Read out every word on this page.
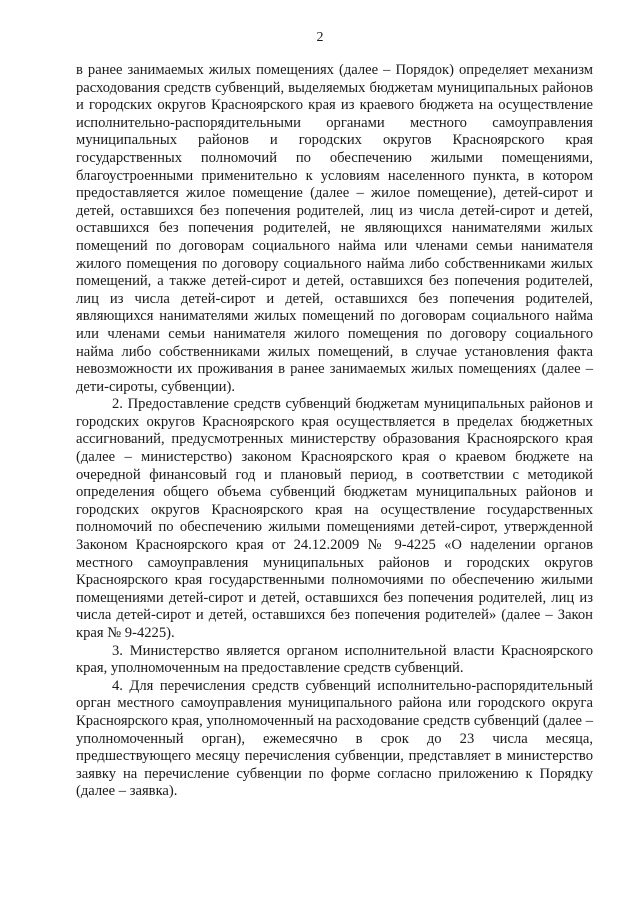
2

в ранее занимаемых жилых помещениях (далее – Порядок) определяет механизм расходования средств субвенций, выделяемых бюджетам муниципальных районов и городских округов Красноярского края из краевого бюджета на осуществление исполнительно-распорядительными органами местного самоуправления муниципальных районов и городских округов Красноярского края государственных полномочий по обеспечению жилыми помещениями, благоустроенными применительно к условиям населенного пункта, в котором предоставляется жилое помещение (далее – жилое помещение), детей-сирот и детей, оставшихся без попечения родителей, лиц из числа детей-сирот и детей, оставшихся без попечения родителей, не являющихся нанимателями жилых помещений по договорам социального найма или членами семьи нанимателя жилого помещения по договору социального найма либо собственниками жилых помещений, а также детей-сирот и детей, оставшихся без попечения родителей, лиц из числа детей-сирот и детей, оставшихся без попечения родителей, являющихся нанимателями жилых помещений по договорам социального найма или членами семьи нанимателя жилого помещения по договору социального найма либо собственниками жилых помещений, в случае установления факта невозможности их проживания в ранее занимаемых жилых помещениях (далее – дети-сироты, субвенции).

2. Предоставление средств субвенций бюджетам муниципальных районов и городских округов Красноярского края осуществляется в пределах бюджетных ассигнований, предусмотренных министерству образования Красноярского края (далее – министерство) законом Красноярского края о краевом бюджете на очередной финансовый год и плановый период, в соответствии с методикой определения общего объема субвенций бюджетам муниципальных районов и городских округов Красноярского края на осуществление государственных полномочий по обеспечению жилыми помещениями детей-сирот, утвержденной Законом Красноярского края от 24.12.2009 № 9-4225 «О наделении органов местного самоуправления муниципальных районов и городских округов Красноярского края государственными полномочиями по обеспечению жилыми помещениями детей-сирот и детей, оставшихся без попечения родителей, лиц из числа детей-сирот и детей, оставшихся без попечения родителей» (далее – Закон края № 9-4225).

3. Министерство является органом исполнительной власти Красноярского края, уполномоченным на предоставление средств субвенций.

4. Для перечисления средств субвенций исполнительно-распорядительный орган местного самоуправления муниципального района или городского округа Красноярского края, уполномоченный на расходование средств субвенций (далее – уполномоченный орган), ежемесячно в срок до 23 числа месяца, предшествующего месяцу перечисления субвенции, представляет в министерство заявку на перечисление субвенции по форме согласно приложению к Порядку (далее – заявка).
